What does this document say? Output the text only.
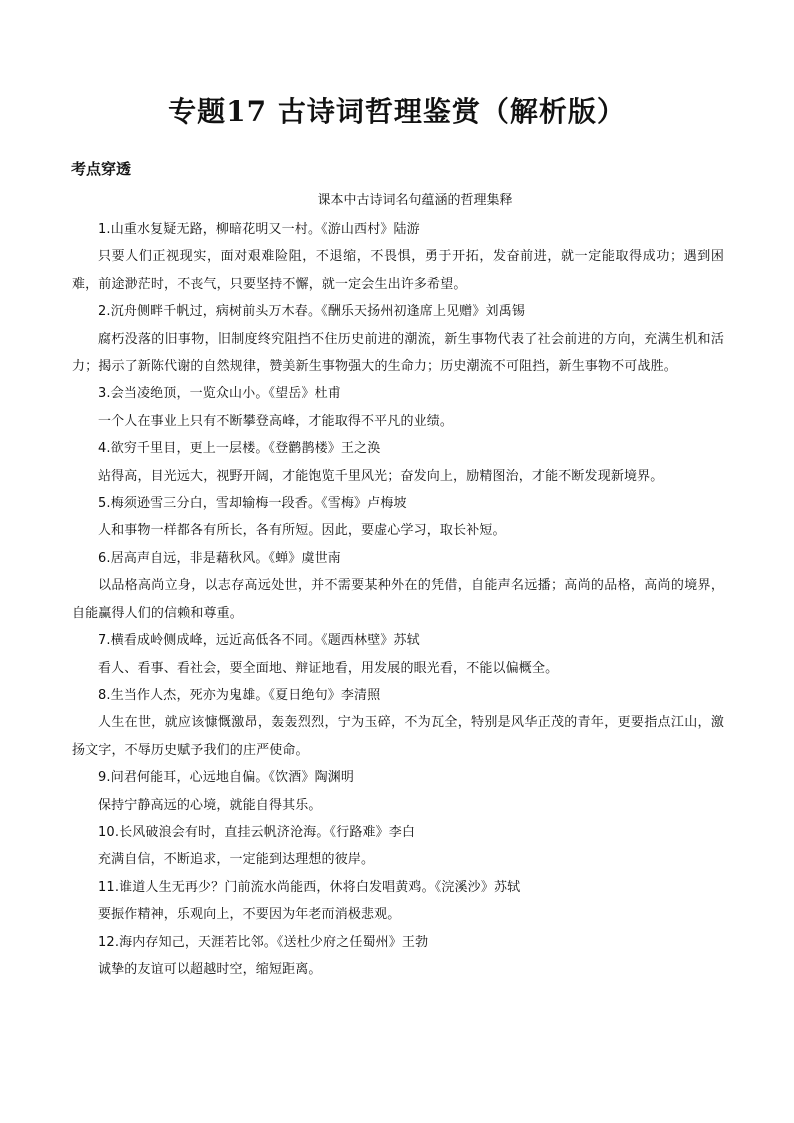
专题17 古诗词哲理鉴赏（解析版）
考点穿透
课本中古诗词名句蕴涵的哲理集释

1.山重水复疑无路，柳暗花明又一村。《游山西村》陆游

只要人们正视现实，面对艰难险阻，不退缩，不畏惧，勇于开拓，发奋前进，就一定能取得成功；遇到困难，前途渺茫时，不丧气，只要坚持不懈，就一定会生出许多希望。

2.沉舟侧畔千帆过，病树前头万木春。《酬乐天扬州初逢席上见赠》刘禹锡

腐朽没落的旧事物，旧制度终究阻挡不住历史前进的潮流，新生事物代表了社会前进的方向，充满生机和活力；揭示了新陈代谢的自然规律，赞美新生事物强大的生命力；历史潮流不可阻挡，新生事物不可战胜。

3.会当凌绝顶，一览众山小。《望岳》杜甫

一个人在事业上只有不断攀登高峰，才能取得不平凡的业绩。

4.欲穷千里目，更上一层楼。《登鹳鹊楼》王之涣

站得高，目光远大，视野开阔，才能饱览千里风光；奋发向上，励精图治，才能不断发现新境界。

5.梅须逊雪三分白，雪却输梅一段香。《雪梅》卢梅坡

人和事物一样都各有所长，各有所短。因此，要虚心学习，取长补短。

6.居高声自远，非是藉秋风。《蝉》虞世南

以品格高尚立身，以志存高远处世，并不需要某种外在的凭借，自能声名远播；高尚的品格，高尚的境界，自能赢得人们的信赖和尊重。

7.横看成岭侧成峰，远近高低各不同。《题西林壁》苏轼

看人、看事、看社会，要全面地、辩证地看，用发展的眼光看，不能以偏概全。

8.生当作人杰，死亦为鬼雄。《夏日绝句》李清照

人生在世，就应该慷慨激昂，轰轰烈烈，宁为玉碎，不为瓦全，特别是风华正茂的青年，更要指点江山，激扬文字，不辱历史赋予我们的庄严使命。

9.问君何能耳，心远地自偏。《饮酒》陶渊明

保持宁静高远的心境，就能自得其乐。

10.长风破浪会有时，直挂云帆济沧海。《行路难》李白

充满自信，不断追求，一定能到达理想的彼岸。

11.谁道人生无再少？门前流水尚能西，休将白发唱黄鸡。《浣溪沙》苏轼

要振作精神，乐观向上，不要因为年老而消极悲观。

12.海内存知己，天涯若比邻。《送杜少府之任蜀州》王勃

诚挚的友谊可以超越时空，缩短距离。
